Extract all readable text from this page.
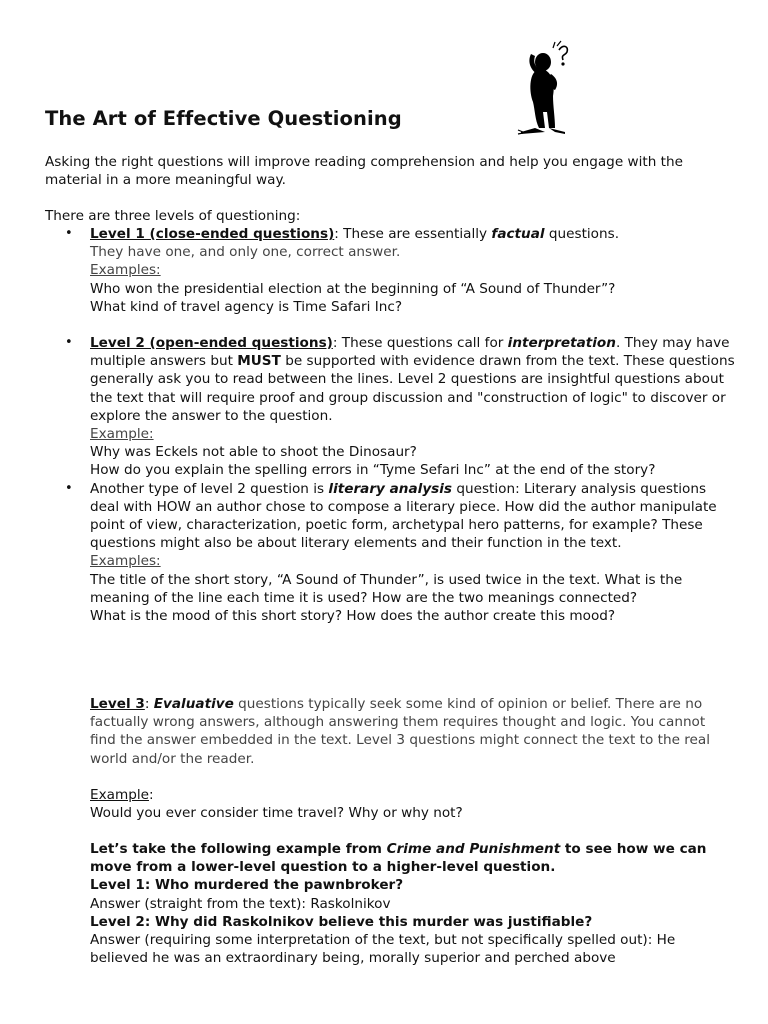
The Art of Effective Questioning

Asking the right questions will improve reading comprehension and help you engage with the material in a more meaningful way.

There are three levels of questioning:

• Level 1 (close-ended questions): These are essentially factual questions.
They have one, and only one, correct answer.
Examples:
Who won the presidential election at the beginning of “A Sound of Thunder”?
What kind of travel agency is Time Safari Inc?
• Level 2 (open-ended questions): These questions call for interpretation. They may have multiple answers but MUST be supported with evidence drawn from the text. These questions generally ask you to read between the lines. Level 2 questions are insightful questions about the text that will require proof and group discussion and "construction of logic" to discover or explore the answer to the question.
Example:
Why was Eckels not able to shoot the Dinosaur?
How do you explain the spelling errors in “Tyme Sefari Inc” at the end of the story?
• Another type of level 2 question is literary analysis question: Literary analysis questions deal with HOW an author chose to compose a literary piece. How did the author manipulate point of view, characterization, poetic form, archetypal hero patterns, for example? These questions might also be about literary elements and their function in the text.
Examples:
The title of the short story, “A Sound of Thunder”, is used twice in the text. What is the meaning of the line each time it is used? How are the two meanings connected?
What is the mood of this short story? How does the author create this mood?

Level 3: Evaluative questions typically seek some kind of opinion or belief. There are no factually wrong answers, although answering them requires thought and logic. You cannot find the answer embedded in the text. Level 3 questions might connect the text to the real world and/or the reader.

Example:
Would you ever consider time travel? Why or why not?

Let’s take the following example from Crime and Punishment to see how we can move from a lower-level question to a higher-level question.

Level 1: Who murdered the pawnbroker?

Answer (straight from the text): Raskolnikov

Level 2: Why did Raskolnikov believe this murder was justifiable?

Answer (requiring some interpretation of the text, but not specifically spelled out): He believed he was an extraordinary being, morally superior and perched above
